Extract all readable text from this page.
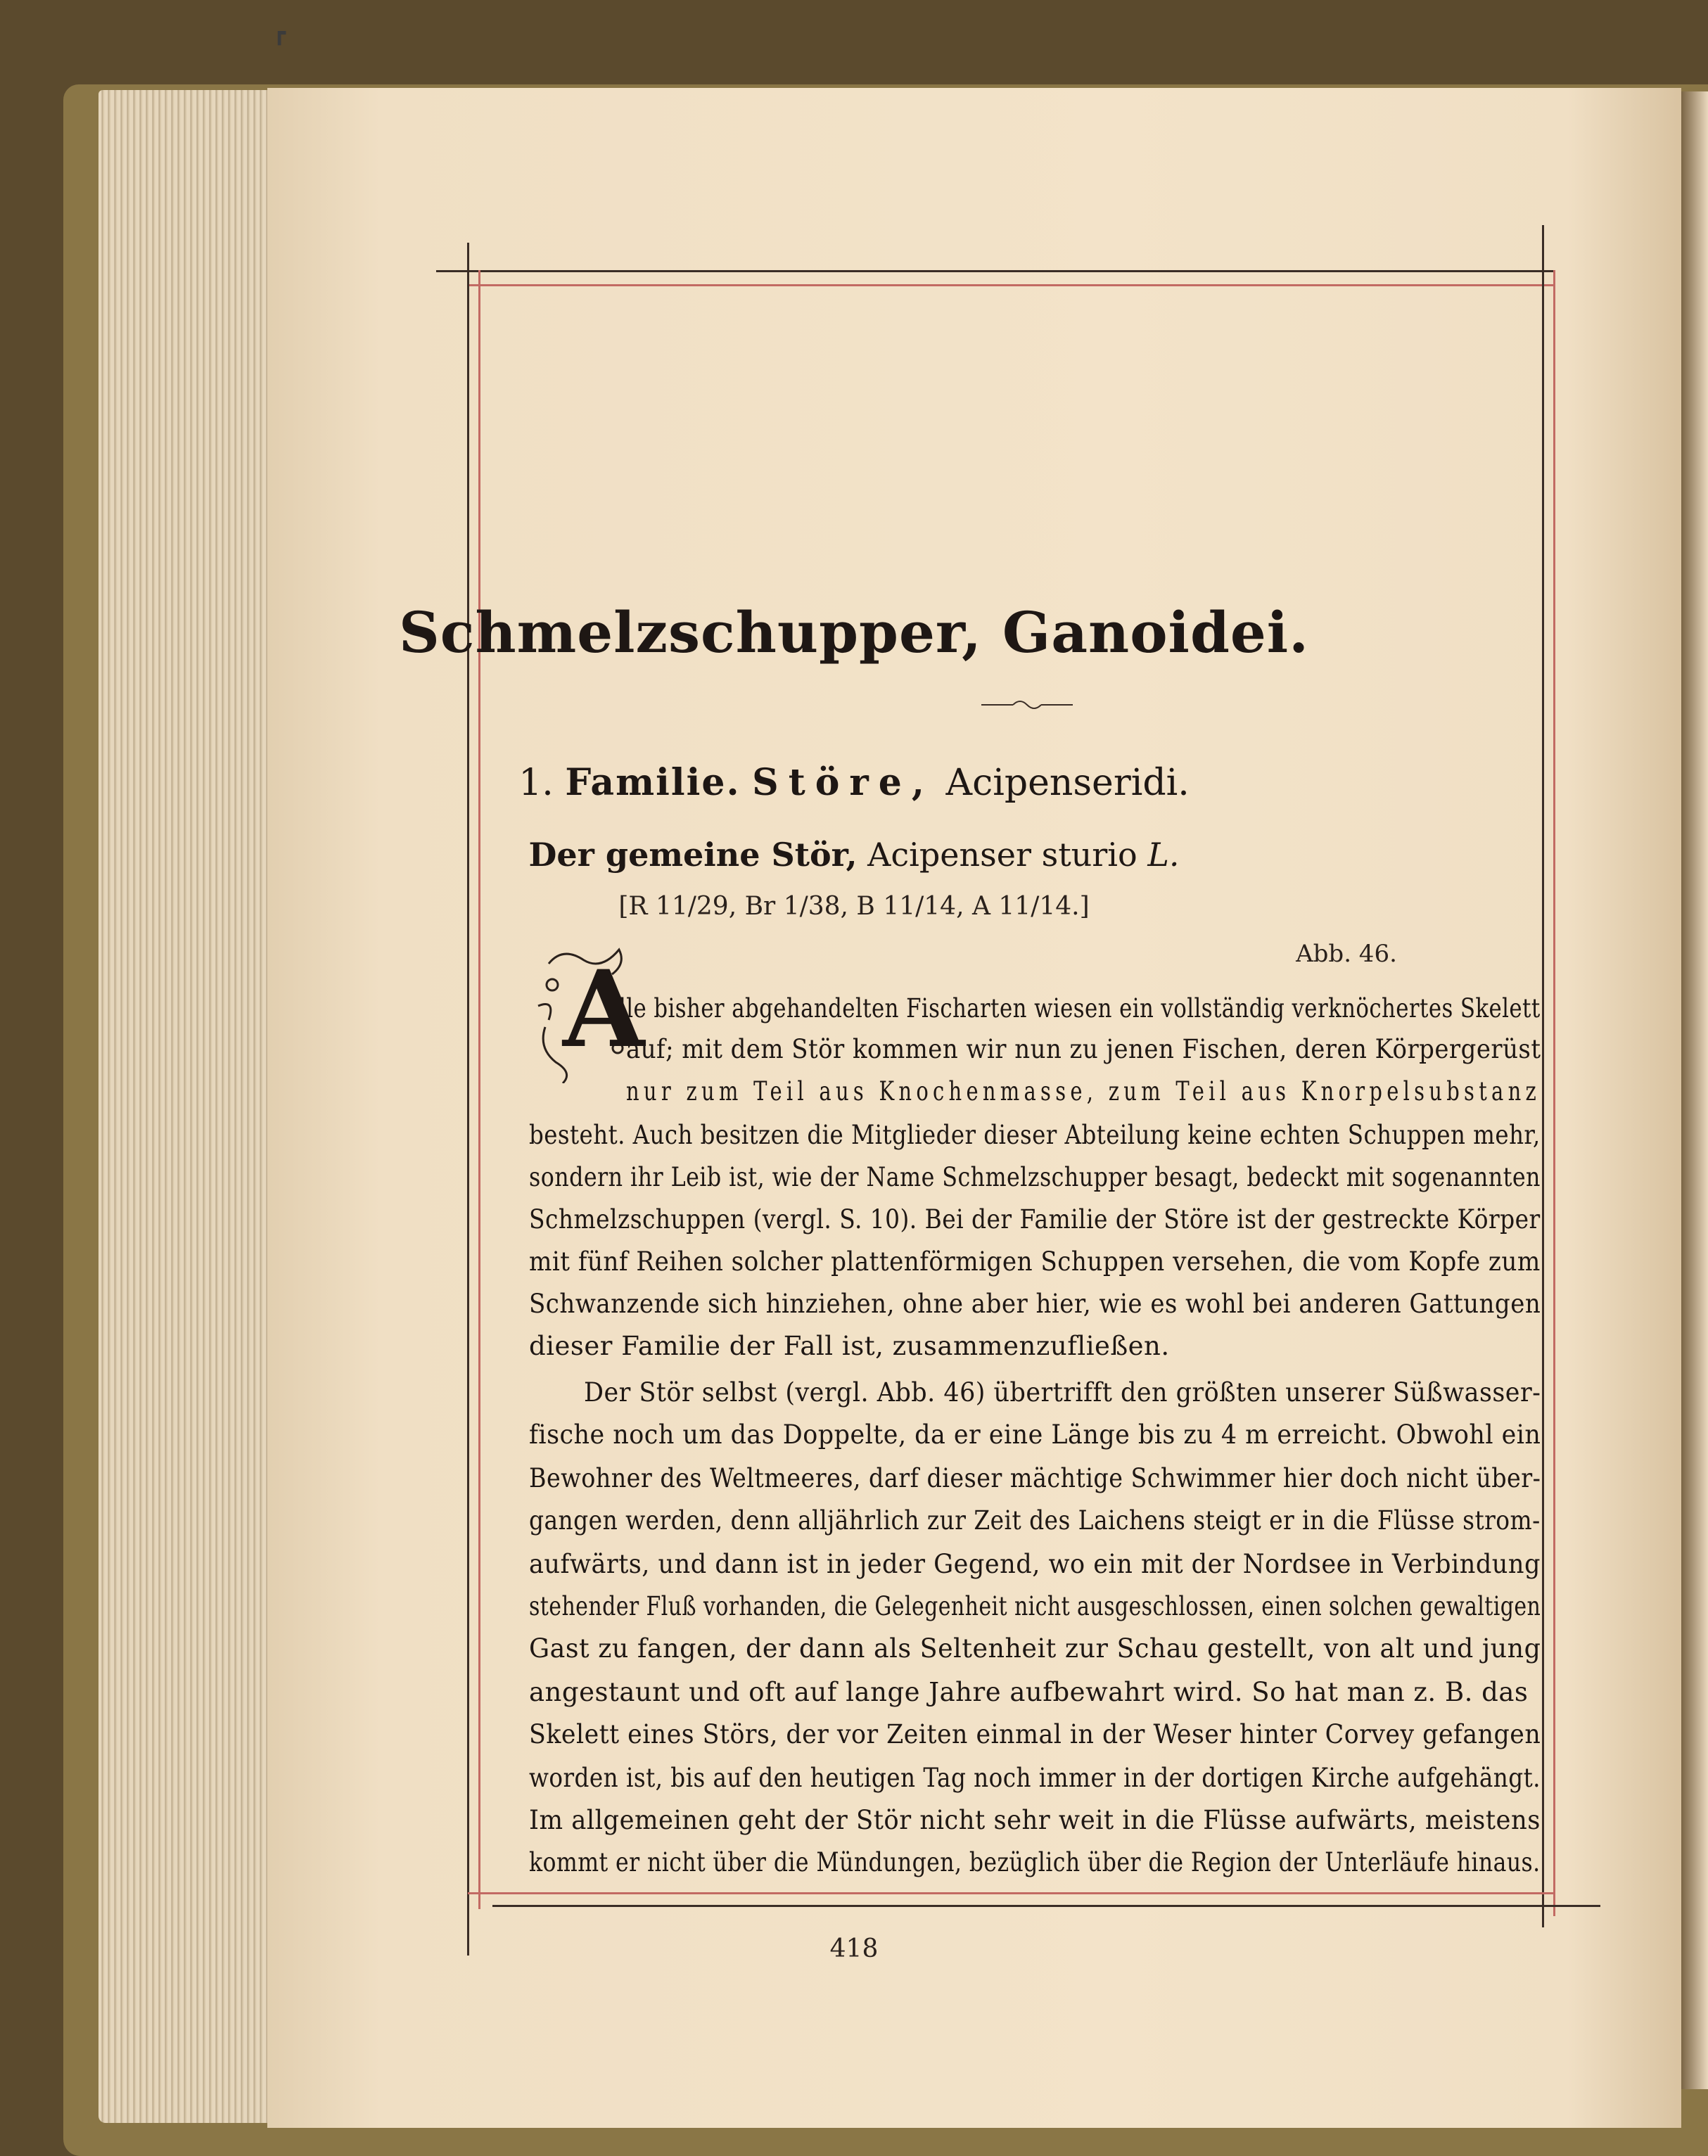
┏
Schmelzschupper, Ganoidei.
1. Familie. Störe, Acipenseridi.
Der gemeine Stör, Acipenser sturio L.
[R 11/29, Br 1/38, B 11/14, A 11/14.]
Abb. 46.
A
lle bisher abgehandelten Fischarten wiesen ein vollständig verknöchertes Skelett
auf; mit dem Stör kommen wir nun zu jenen Fischen, deren Körpergerüst
nur zum Teil aus Knochenmasse, zum Teil aus Knorpelsubstanz
besteht. Auch besitzen die Mitglieder dieser Abteilung keine echten Schuppen mehr,
sondern ihr Leib ist, wie der Name Schmelzschupper besagt, bedeckt mit sogenannten
Schmelzschuppen (vergl. S. 10). Bei der Familie der Störe ist der gestreckte Körper
mit fünf Reihen solcher plattenförmigen Schuppen versehen, die vom Kopfe zum
Schwanzende sich hinziehen, ohne aber hier, wie es wohl bei anderen Gattungen
dieser Familie der Fall ist, zusammenzufließen.
Der Stör selbst (vergl. Abb. 46) übertrifft den größten unserer Süßwasser-
fische noch um das Doppelte, da er eine Länge bis zu 4 m erreicht. Obwohl ein
Bewohner des Weltmeeres, darf dieser mächtige Schwimmer hier doch nicht über-
gangen werden, denn alljährlich zur Zeit des Laichens steigt er in die Flüsse strom-
aufwärts, und dann ist in jeder Gegend, wo ein mit der Nordsee in Verbindung
stehender Fluß vorhanden, die Gelegenheit nicht ausgeschlossen, einen solchen gewaltigen
Gast zu fangen, der dann als Seltenheit zur Schau gestellt, von alt und jung
angestaunt und oft auf lange Jahre aufbewahrt wird. So hat man z. B. das
Skelett eines Störs, der vor Zeiten einmal in der Weser hinter Corvey gefangen
worden ist, bis auf den heutigen Tag noch immer in der dortigen Kirche aufgehängt.
Im allgemeinen geht der Stör nicht sehr weit in die Flüsse aufwärts, meistens
kommt er nicht über die Mündungen, bezüglich über die Region der Unterläufe hinaus.
418
